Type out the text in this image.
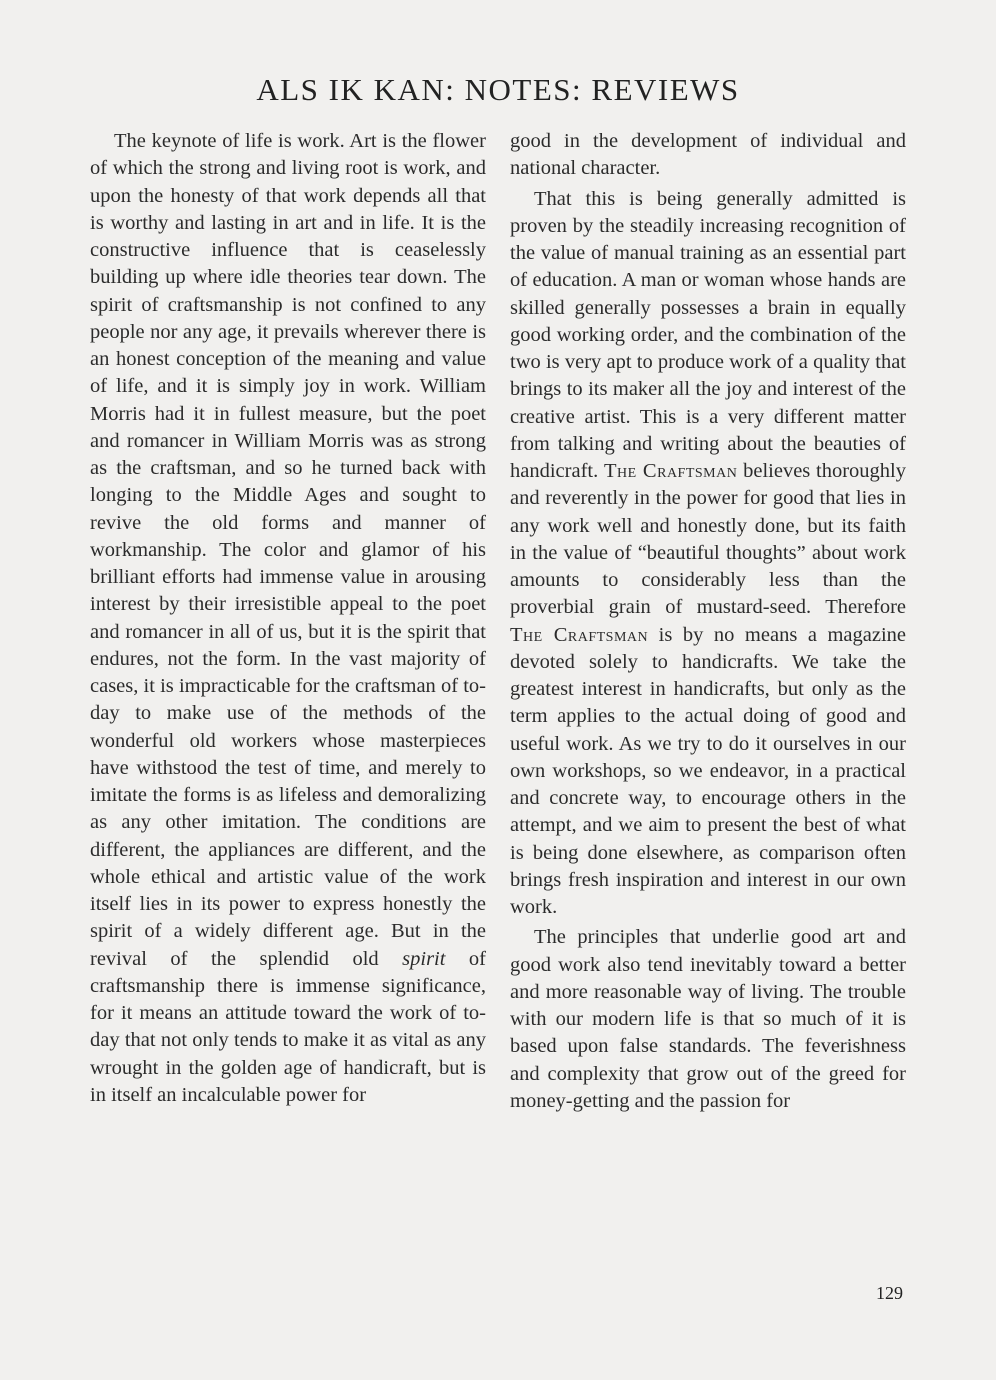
ALS IK KAN: NOTES: REVIEWS

The keynote of life is work. Art is the flower of which the strong and living root is work, and upon the honesty of that work depends all that is worthy and lasting in art and in life. It is the constructive influence that is ceaselessly building up where idle theories tear down. The spirit of craftsmanship is not confined to any people nor any age, it prevails wherever there is an honest conception of the meaning and value of life, and it is simply joy in work. William Morris had it in fullest measure, but the poet and romancer in William Morris was as strong as the craftsman, and so he turned back with longing to the Middle Ages and sought to revive the old forms and manner of workmanship. The color and glamor of his brilliant efforts had immense value in arousing interest by their irresistible appeal to the poet and romancer in all of us, but it is the spirit that endures, not the form. In the vast majority of cases, it is impracticable for the craftsman of to-day to make use of the methods of the wonderful old workers whose masterpieces have withstood the test of time, and merely to imitate the forms is as lifeless and demoralizing as any other imitation. The conditions are different, the appliances are different, and the whole ethical and artistic value of the work itself lies in its power to express honestly the spirit of a widely different age. But in the revival of the splendid old spirit of craftsmanship there is immense significance, for it means an attitude toward the work of to-day that not only tends to make it as vital as any wrought in the golden age of handicraft, but is in itself an incalculable power for

good in the development of individual and national character.

That this is being generally admitted is proven by the steadily increasing recognition of the value of manual training as an essential part of education. A man or woman whose hands are skilled generally possesses a brain in equally good working order, and the combination of the two is very apt to produce work of a quality that brings to its maker all the joy and interest of the creative artist. This is a very different matter from talking and writing about the beauties of handicraft. The Craftsman believes thoroughly and reverently in the power for good that lies in any work well and honestly done, but its faith in the value of “beautiful thoughts” about work amounts to considerably less than the proverbial grain of mustard-seed. Therefore The Craftsman is by no means a magazine devoted solely to handicrafts. We take the greatest interest in handicrafts, but only as the term applies to the actual doing of good and useful work. As we try to do it ourselves in our own workshops, so we endeavor, in a practical and concrete way, to encourage others in the attempt, and we aim to present the best of what is being done elsewhere, as comparison often brings fresh inspiration and interest in our own work.

The principles that underlie good art and good work also tend inevitably toward a better and more reasonable way of living. The trouble with our modern life is that so much of it is based upon false standards. The feverishness and complexity that grow out of the greed for money-getting and the passion for

129
